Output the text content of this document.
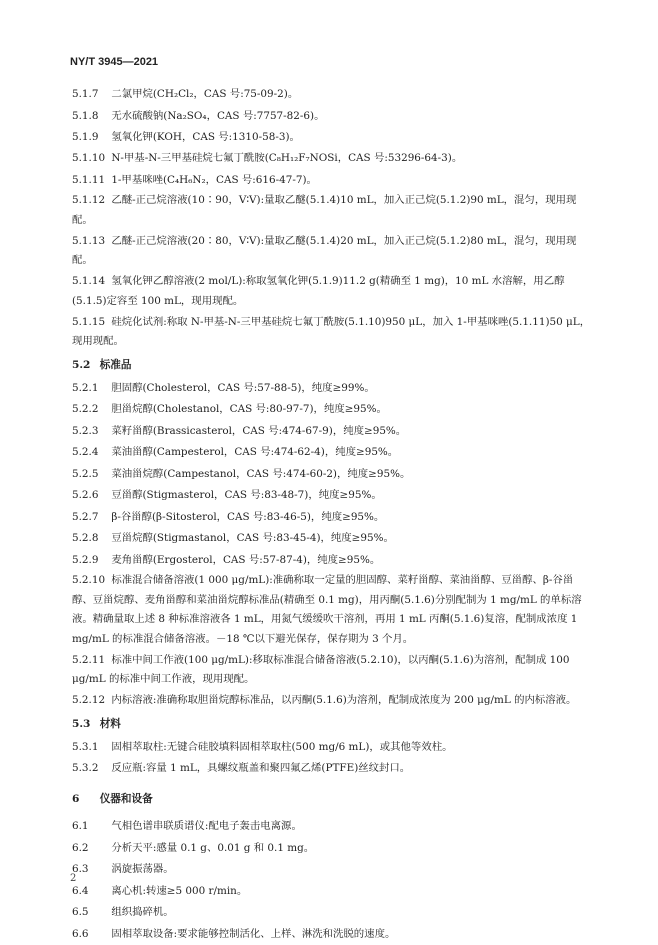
NY/T 3945—2021
5.1.7 二氯甲烷(CH₂Cl₂，CAS 号:75-09-2)。
5.1.8 无水硫酸钠(Na₂SO₄，CAS 号:7757-82-6)。
5.1.9 氢氧化钾(KOH，CAS 号:1310-58-3)。
5.1.10 N-甲基-N-三甲基硅烷七氟丁酰胺(C₈H₁₂F₇NOSi，CAS 号:53296-64-3)。
5.1.11 1-甲基咪唑(C₄H₆N₂，CAS 号:616-47-7)。
5.1.12 乙醚-正己烷溶液(10∶90，V∶V):量取乙醚(5.1.4)10 mL，加入正己烷(5.1.2)90 mL，混匀，现用现配。
5.1.13 乙醚-正己烷溶液(20∶80，V∶V):量取乙醚(5.1.4)20 mL，加入正己烷(5.1.2)80 mL，混匀，现用现配。
5.1.14 氢氧化钾乙醇溶液(2 mol/L):称取氢氧化钾(5.1.9)11.2 g(精确至 1 mg)，10 mL 水溶解，用乙醇(5.1.5)定容至 100 mL，现用现配。
5.1.15 硅烷化试剂:称取 N-甲基-N-三甲基硅烷七氟丁酰胺(5.1.10)950 μL，加入 1-甲基咪唑(5.1.11)50 μL，现用现配。
5.2 标准品
5.2.1 胆固醇(Cholesterol，CAS 号:57-88-5)，纯度≥99%。
5.2.2 胆甾烷醇(Cholestanol，CAS 号:80-97-7)，纯度≥95%。
5.2.3 菜籽甾醇(Brassicasterol，CAS 号:474-67-9)，纯度≥95%。
5.2.4 菜油甾醇(Campesterol，CAS 号:474-62-4)，纯度≥95%。
5.2.5 菜油甾烷醇(Campestanol，CAS 号:474-60-2)，纯度≥95%。
5.2.6 豆甾醇(Stigmasterol，CAS 号:83-48-7)，纯度≥95%。
5.2.7 β-谷甾醇(β-Sitosterol，CAS 号:83-46-5)，纯度≥95%。
5.2.8 豆甾烷醇(Stigmastanol，CAS 号:83-45-4)，纯度≥95%。
5.2.9 麦角甾醇(Ergosterol，CAS 号:57-87-4)，纯度≥95%。
5.2.10 标准混合储备溶液(1 000 μg/mL):准确称取一定量的胆固醇、菜籽甾醇、菜油甾醇、豆甾醇、β-谷甾醇、豆甾烷醇、麦角甾醇和菜油甾烷醇标准品(精确至 0.1 mg)，用丙酮(5.1.6)分别配制为 1 mg/mL 的单标溶液。精确量取上述 8 种标准溶液各 1 mL，用氮气缓缓吹干溶剂，再用 1 mL 丙酮(5.1.6)复溶，配制成浓度 1 mg/mL 的标准混合储备溶液。－18 ℃以下避光保存，保存期为 3 个月。
5.2.11 标准中间工作液(100 μg/mL):移取标准混合储备溶液(5.2.10)，以丙酮(5.1.6)为溶剂，配制成 100 μg/mL 的标准中间工作液，现用现配。
5.2.12 内标溶液:准确称取胆甾烷醇标准品，以丙酮(5.1.6)为溶剂，配制成浓度为 200 μg/mL 的内标溶液。
5.3 材料
5.3.1 固相萃取柱:无键合硅胶填料固相萃取柱(500 mg/6 mL)，或其他等效柱。
5.3.2 反应瓶:容量 1 mL，具螺纹瓶盖和聚四氟乙烯(PTFE)丝纹封口。
6 仪器和设备
6.1 气相色谱串联质谱仪:配电子轰击电离源。
6.2 分析天平:感量 0.1 g、0.01 g 和 0.1 mg。
6.3 涡旋振荡器。
6.4 离心机:转速≥5 000 r/min。
6.5 组织捣碎机。
6.6 固相萃取设备:要求能够控制活化、上样、淋洗和洗脱的速度。
2
